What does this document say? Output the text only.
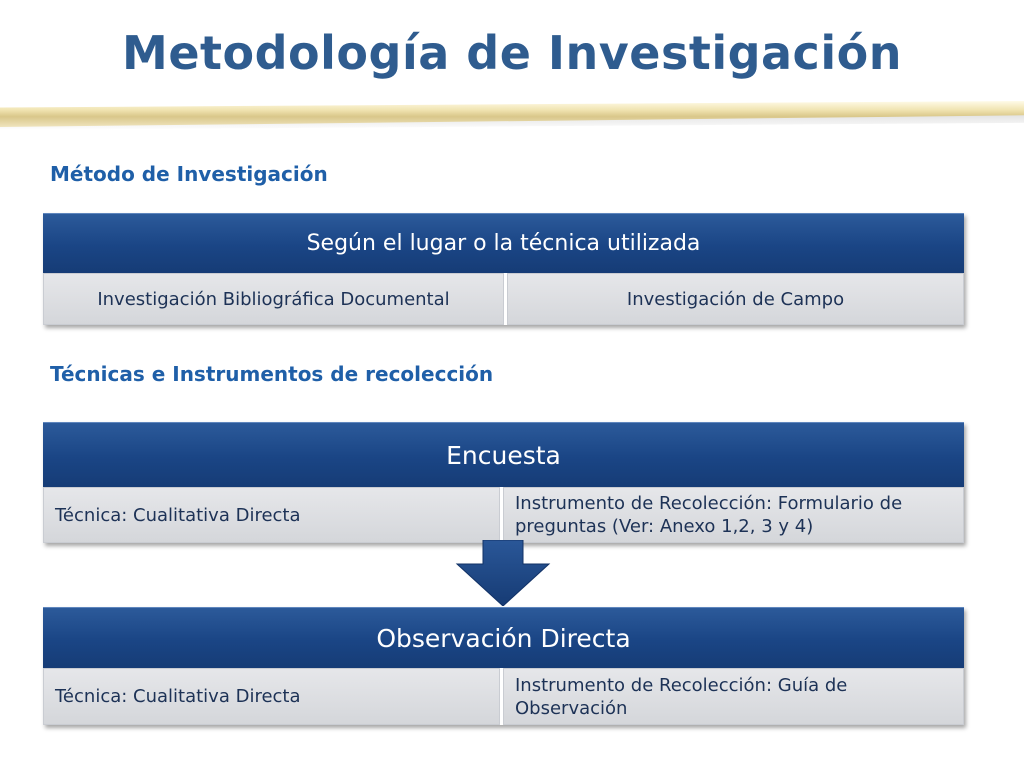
Metodología de Investigación
Método de Investigación
Según el lugar o la técnica utilizada
Investigación Bibliográfica Documental	Investigación de Campo
Técnicas e Instrumentos de recolección
Encuesta
Técnica: Cualitativa Directa
Instrumento de Recolección: Formulario de preguntas (Ver: Anexo 1,2, 3 y 4)
Observación Directa
Técnica: Cualitativa Directa
Instrumento de Recolección: Guía de Observación
